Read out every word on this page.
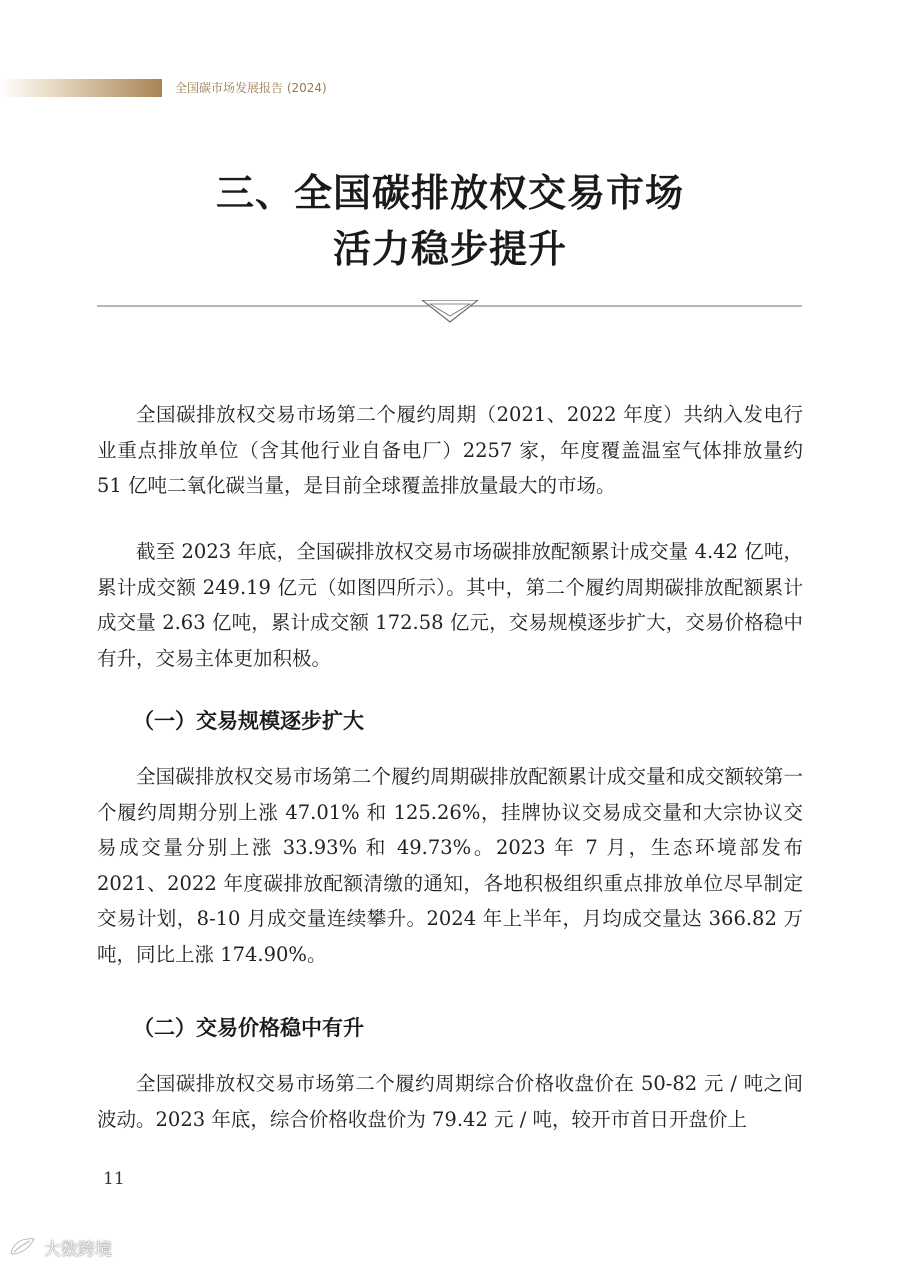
全国碳市场发展报告 (2024)
三、全国碳排放权交易市场
活力稳步提升

全国碳排放权交易市场第二个履约周期（2021、2022 年度）共纳入发电行业重点排放单位（含其他行业自备电厂）2257 家，年度覆盖温室气体排放量约 51 亿吨二氧化碳当量，是目前全球覆盖排放量最大的市场。

截至 2023 年底，全国碳排放权交易市场碳排放配额累计成交量 4.42 亿吨，累计成交额 249.19 亿元（如图四所示）。其中，第二个履约周期碳排放配额累计成交量 2.63 亿吨，累计成交额 172.58 亿元，交易规模逐步扩大，交易价格稳中有升，交易主体更加积极。

（一）交易规模逐步扩大

全国碳排放权交易市场第二个履约周期碳排放配额累计成交量和成交额较第一个履约周期分别上涨 47.01% 和 125.26%，挂牌协议交易成交量和大宗协议交易成交量分别上涨 33.93% 和 49.73%。2023 年 7 月，生态环境部发布 2021、2022 年度碳排放配额清缴的通知，各地积极组织重点排放单位尽早制定交易计划，8-10 月成交量连续攀升。2024 年上半年，月均成交量达 366.82 万吨，同比上涨 174.90%。

（二）交易价格稳中有升

全国碳排放权交易市场第二个履约周期综合价格收盘价在 50-82 元 / 吨之间波动。2023 年底，综合价格收盘价为 79.42 元 / 吨，较开市首日开盘价上

11
大数跨境
